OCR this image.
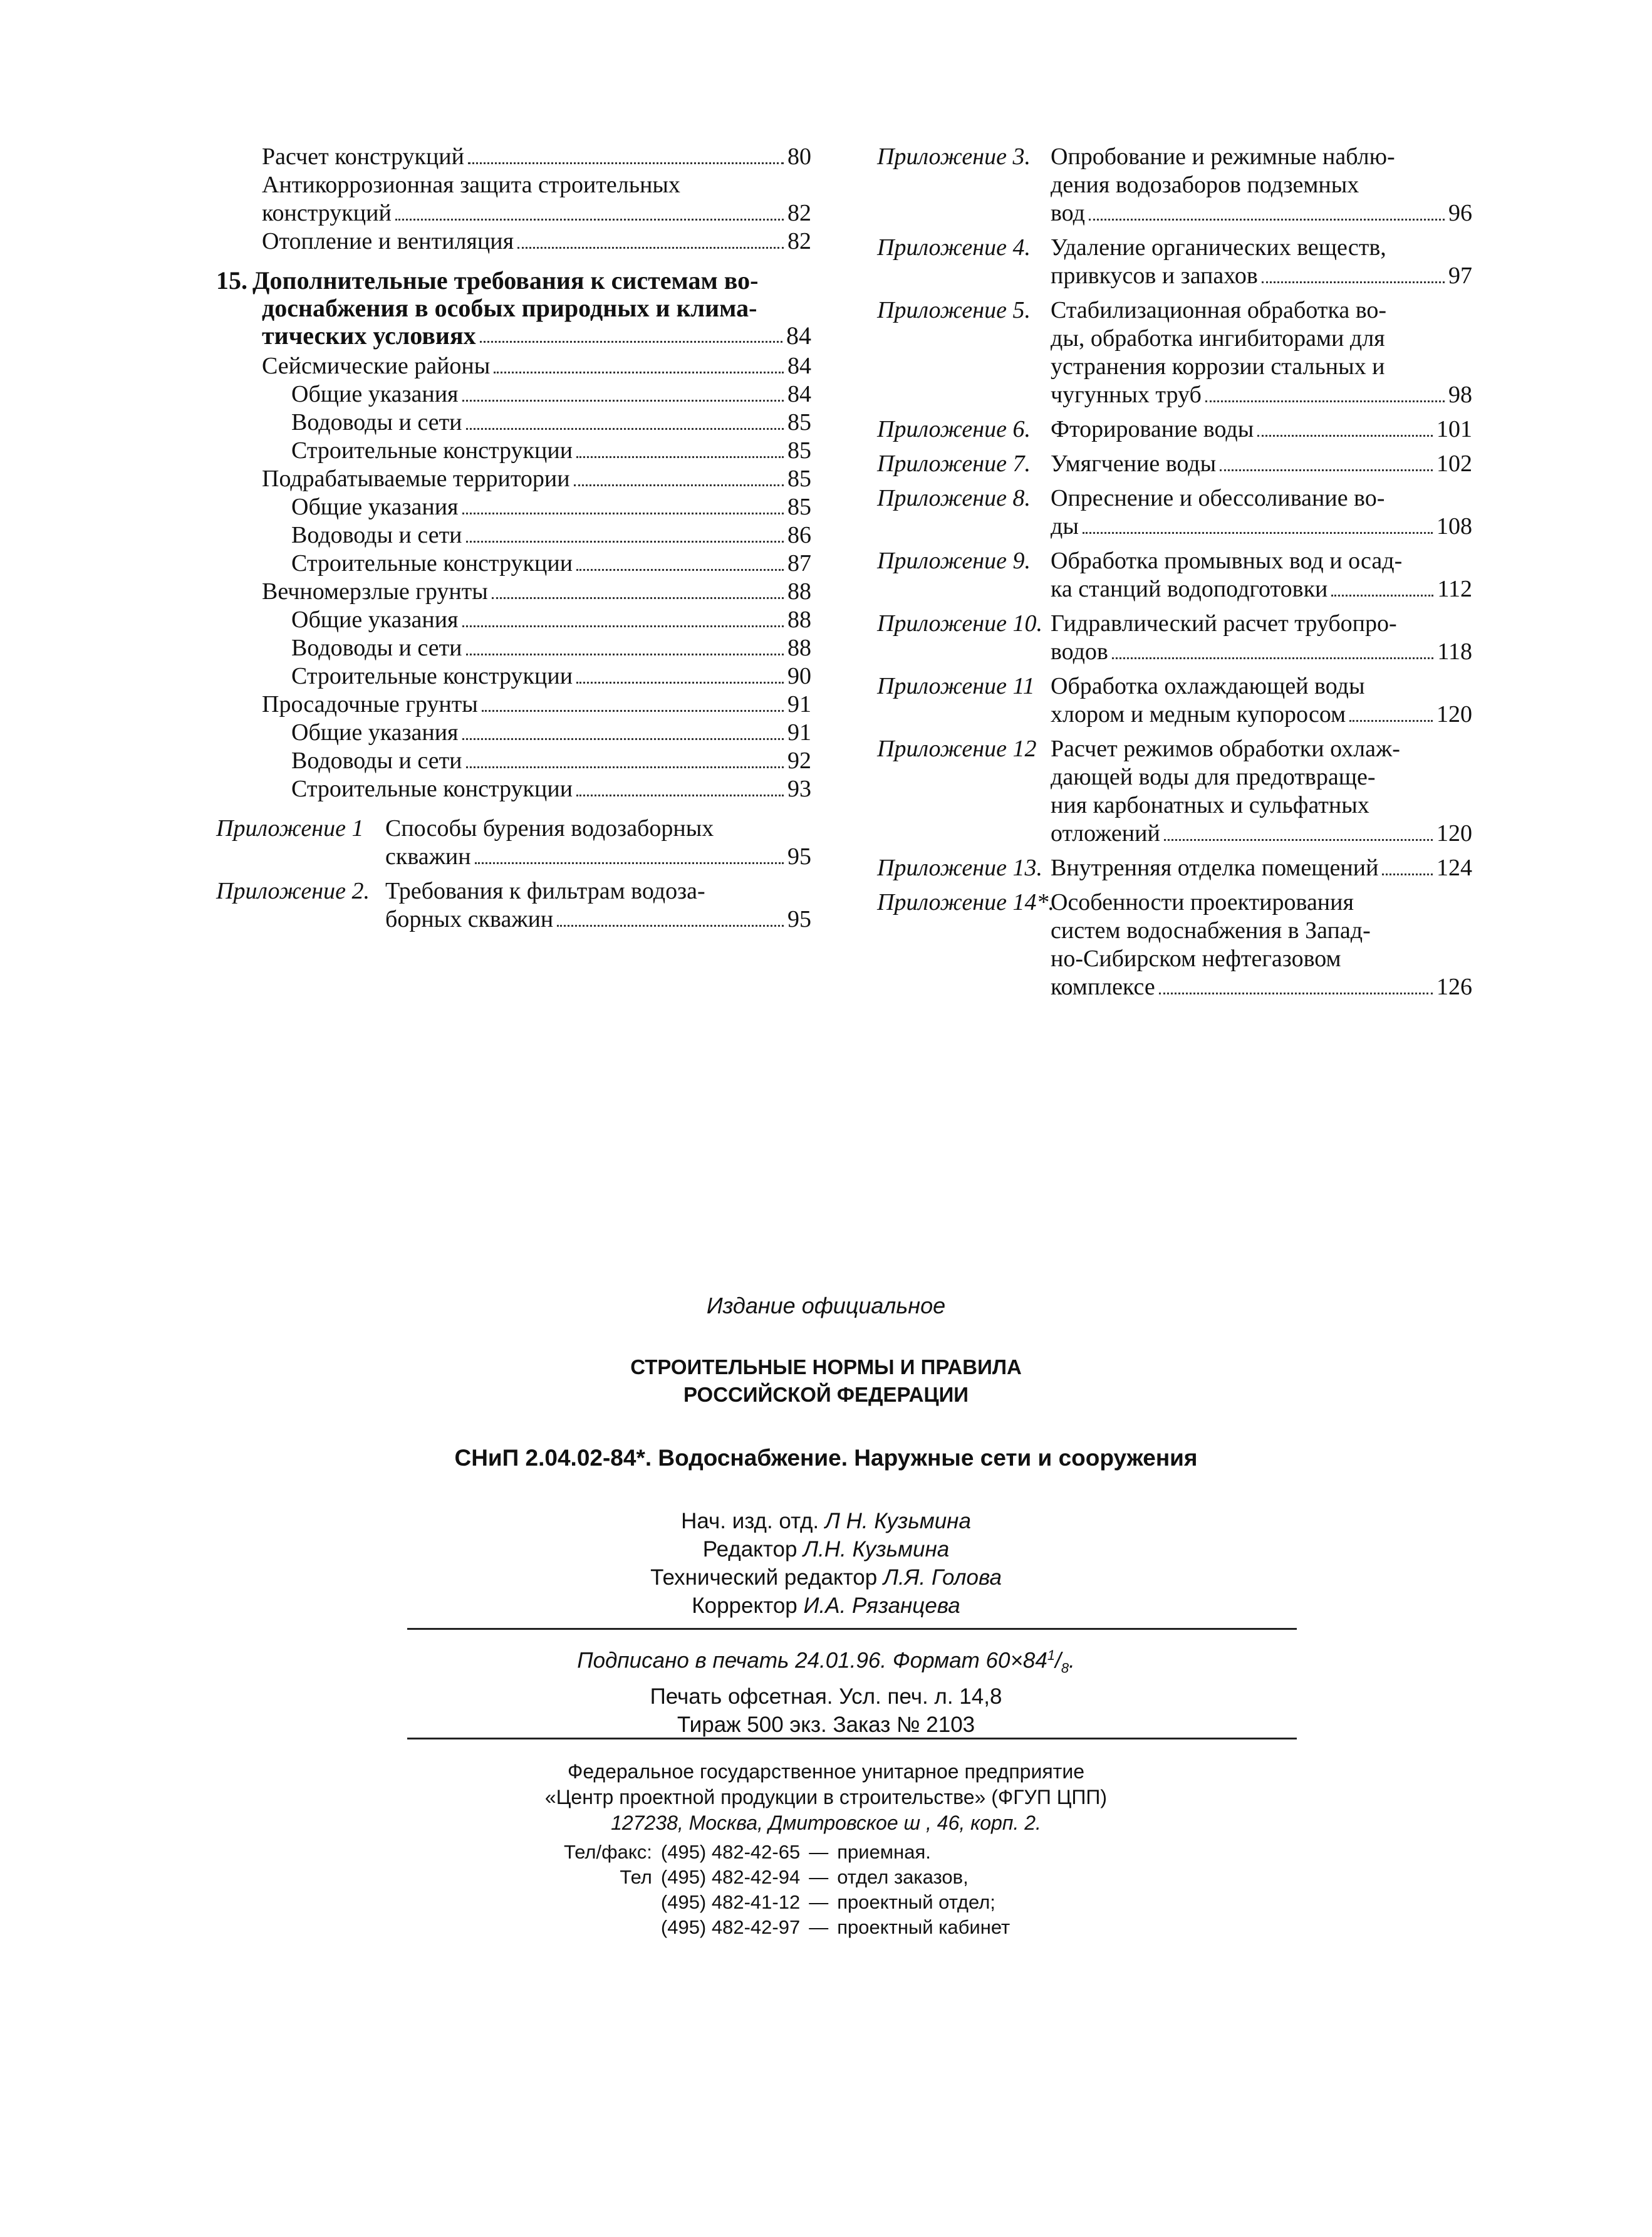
Расчет конструкций	80
Антикоррозионная защита строительных
конструкций	82
Отопление и вентиляция	82
15. Дополнительные требования к системам во-
доснабжения в особых природных и клима-
тических условиях	84
Сейсмические районы	84
Общие указания	84
Водоводы и сети	85
Строительные конструкции	85
Подрабатываемые территории	85
Общие указания	85
Водоводы и сети	86
Строительные конструкции	87
Вечномерзлые грунты	88
Общие указания	88
Водоводы и сети	88
Строительные конструкции	90
Просадочные грунты	91
Общие указания	91
Водоводы и сети	92
Строительные конструкции	93
Приложение 1 Способы бурения водозаборных
скважин	95
Приложение 2. Требования к фильтрам водоза-
борных скважин	95
Приложение 3. Опробование и режимные наблю-
дения водозаборов подземных
вод	96
Приложение 4. Удаление органических веществ,
привкусов и запахов	97
Приложение 5. Стабилизационная обработка во-
ды, обработка ингибиторами для
устранения коррозии стальных и
чугунных труб	98
Приложение 6. Фторирование воды	101
Приложение 7. Умягчение воды	102
Приложение 8. Опреснение и обессоливание во-
ды	108
Приложение 9. Обработка промывных вод и осад-
ка станций водоподготовки	112
Приложение 10. Гидравлический расчет трубопро-
водов	118
Приложение 11 Обработка охлаждающей воды
хлором и медным купоросом	120
Приложение 12 Расчет режимов обработки охлаж-
дающей воды для предотвраще-
ния карбонатных и сульфатных
отложений	120
Приложение 13. Внутренняя отделка помещений 124
Приложение 14*.
Особенности проектирования
систем водоснабжения в Запад-
но-Сибирском нефтегазовом
комплексе	126
Издание официальное
СТРОИТЕЛЬНЫЕ НОРМЫ И ПРАВИЛА
РОССИЙСКОЙ ФЕДЕРАЦИИ
СНиП 2.04.02-84*. Водоснабжение. Наружные сети и сооружения
Нач. изд. отд. Л Н. Кузьмина
Редактор Л.Н. Кузьмина
Технический редактор Л.Я. Голова
Корректор И.А. Рязанцева
Подписано в печать 24.01.96. Формат $60\times 84^1/_8$.
Печать офсетная. Усл. печ. л. 14,8
Тираж 500 экз. Заказ № 2103
Федеральное государственное унитарное предприятие
«Центр проектной продукции в строительстве» (ФГУП ЦПП)
127238, Москва, Дмитровское ш , 46, корп. 2.
Тел/факс:	(495) 482-42-65	—	приемная.
Тел	(495) 482-42-94	—	отдел заказов,
	(495) 482-41-12	—	проектный отдел;
	(495) 482-42-97	—	проектный кабинет
